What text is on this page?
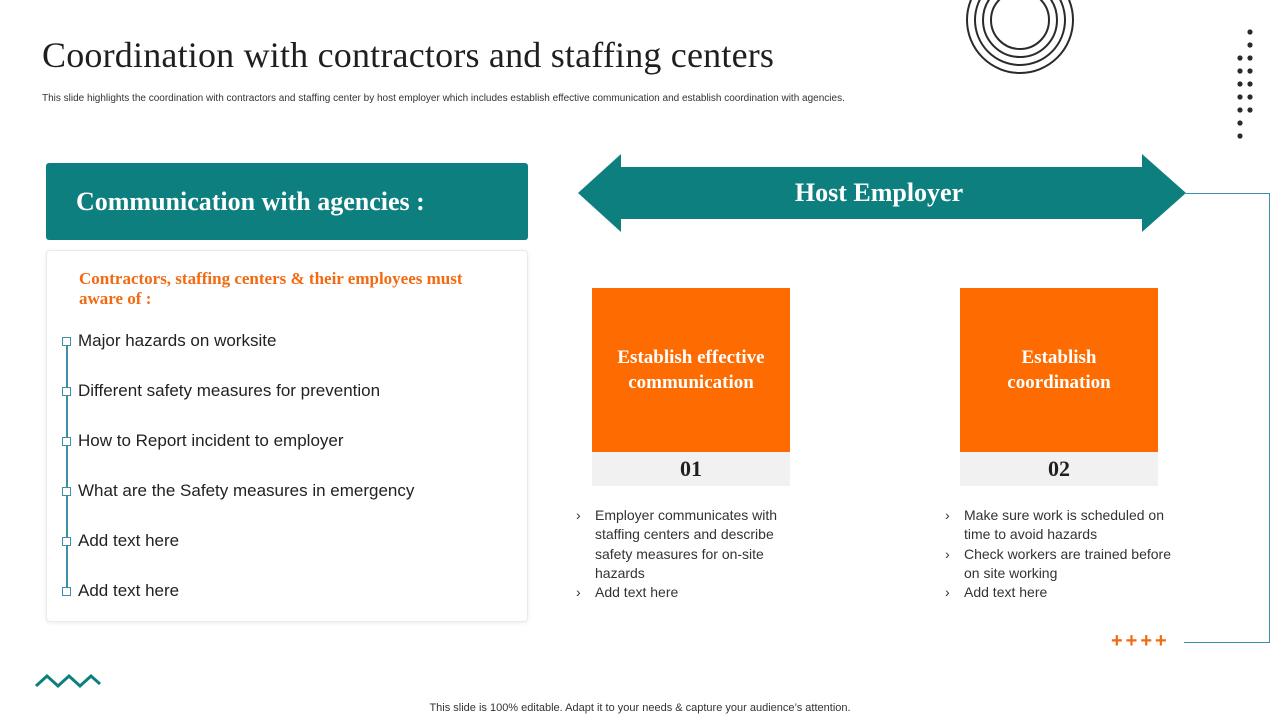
Coordination with contractors and staffing centers
This slide highlights the coordination with contractors and staffing center by host employer which includes establish effective communication and establish coordination with agencies.
Communication with agencies :
Contractors, staffing centers & their employees must aware of :
Major hazards on worksite
Different safety measures for prevention
How to Report incident to employer
What are the Safety measures in emergency
Add text here
Add text here
Host Employer
++++
Establish effective communication
01
› Employer communicates with staffing centers and describe safety measures for on-site hazards
› Add text here
Establish coordination
02
› Make sure work is scheduled on time to avoid hazards
› Check workers are trained before on site working
› Add text here
This slide is 100% editable. Adapt it to your needs & capture your audience’s attention.
